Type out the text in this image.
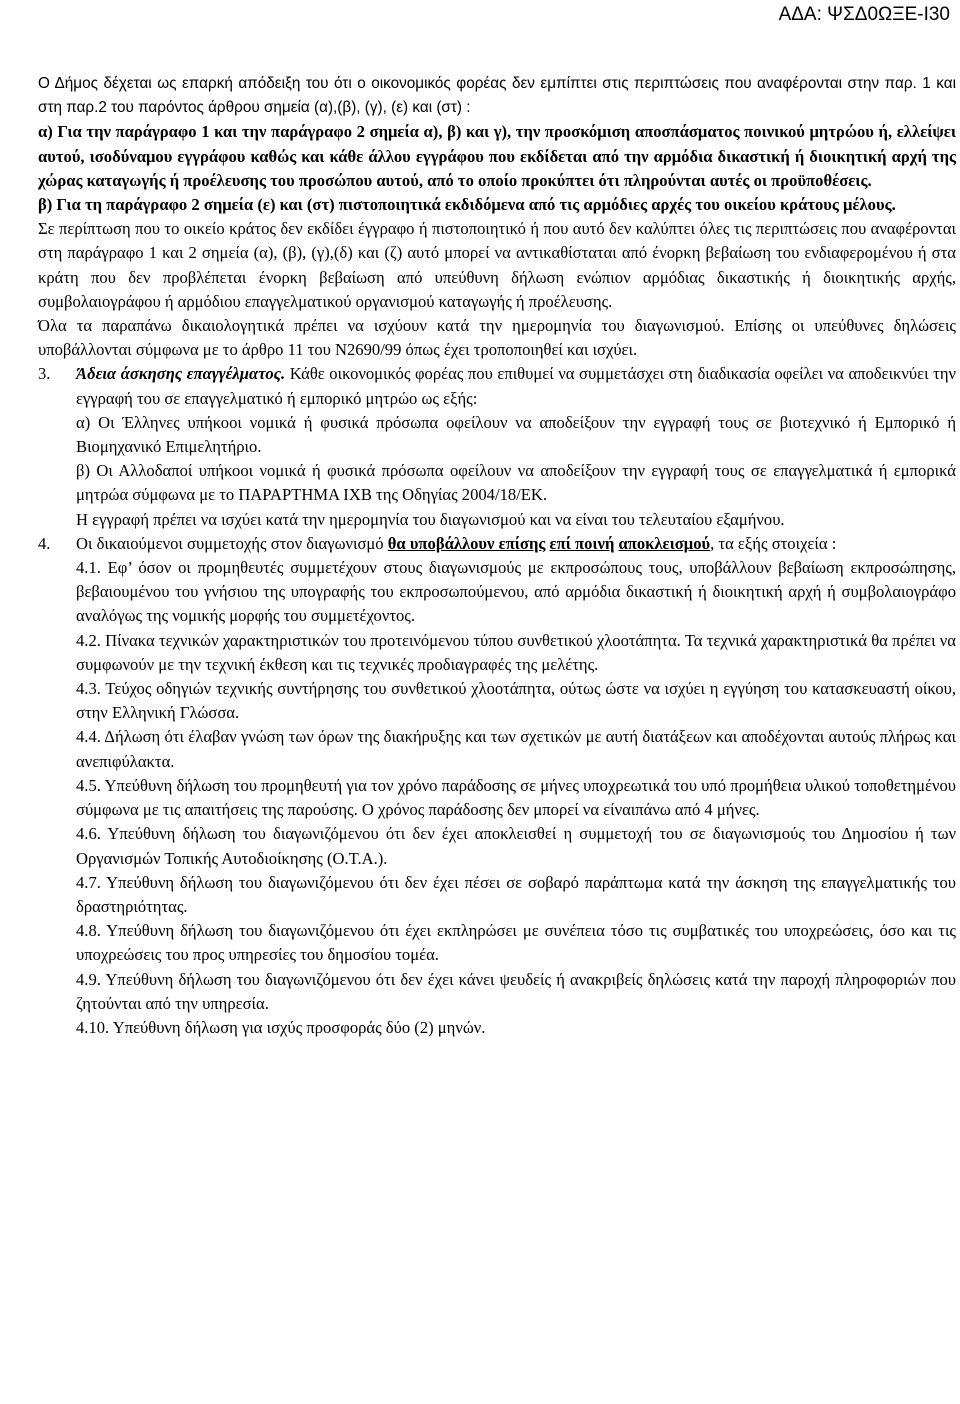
ΑΔΑ: ΨΣΔ0ΩΞΕ-Ι30

Ο Δήμος δέχεται ως επαρκή απόδειξη του ότι ο οικονομικός φορέας δεν εμπίπτει στις περιπτώσεις που αναφέρονται στην παρ. 1 και στη παρ.2 του παρόντος άρθρου σημεία (α),(β), (γ), (ε) και (στ) :

α) Για την παράγραφο 1 και την παράγραφο 2 σημεία α), β) και γ), την προσκόμιση αποσπάσματος ποινικού μητρώου ή, ελλείψει αυτού, ισοδύναμου εγγράφου καθώς και κάθε άλλου εγγράφου που εκδίδεται από την αρμόδια δικαστική ή διοικητική αρχή της χώρας καταγωγής ή προέλευσης του προσώπου αυτού, από το οποίο προκύπτει ότι πληρούνται αυτές οι προϋποθέσεις.

β) Για τη παράγραφο 2 σημεία (ε) και (στ) πιστοποιητικά εκδιδόμενα από τις αρμόδιες αρχές του οικείου κράτους μέλους.

Σε περίπτωση που το οικείο κράτος δεν εκδίδει έγγραφο ή πιστοποιητικό ή που αυτό δεν καλύπτει όλες τις περιπτώσεις που αναφέρονται στη παράγραφο 1 και 2 σημεία (α), (β), (γ),(δ) και (ζ) αυτό μπορεί να αντικαθίσταται από ένορκη βεβαίωση του ενδιαφερομένου ή στα κράτη που δεν προβλέπεται ένορκη βεβαίωση από υπεύθυνη δήλωση ενώπιον αρμόδιας δικαστικής ή διοικητικής αρχής, συμβολαιογράφου ή αρμόδιου επαγγελματικού οργανισμού καταγωγής ή προέλευσης.

Όλα τα παραπάνω δικαιολογητικά πρέπει να ισχύουν κατά την ημερομηνία του διαγωνισμού. Επίσης οι υπεύθυνες δηλώσεις υποβάλλονται σύμφωνα με το άρθρο 11 του Ν2690/99 όπως έχει τροποποιηθεί και ισχύει.

3. Άδεια άσκησης επαγγέλματος. Κάθε οικονομικός φορέας που επιθυμεί να συμμετάσχει στη διαδικασία οφείλει να αποδεικνύει την εγγραφή του σε επαγγελματικό ή εμπορικό μητρώο ως εξής:

α) Οι Έλληνες υπήκοοι νομικά ή φυσικά πρόσωπα οφείλουν να αποδείξουν την εγγραφή τους σε βιοτεχνικό ή Εμπορικό ή Βιομηχανικό Επιμελητήριο.

β) Οι Αλλοδαποί υπήκοοι νομικά ή φυσικά πρόσωπα οφείλουν να αποδείξουν την εγγραφή τους σε επαγγελματικά ή εμπορικά μητρώα σύμφωνα με το ΠΑΡΑΡΤΗΜΑ ΙΧΒ της Οδηγίας 2004/18/ΕΚ.

Η εγγραφή πρέπει να ισχύει κατά την ημερομηνία του διαγωνισμού και να είναι του τελευταίου εξαμήνου.

4. Οι δικαιούμενοι συμμετοχής στον διαγωνισμό θα υποβάλλουν επίσης επί ποινή αποκλεισμού, τα εξής στοιχεία :

4.1. Εφ’ όσον οι προμηθευτές συμμετέχουν στους διαγωνισμούς με εκπροσώπους τους, υποβάλλουν βεβαίωση εκπροσώπησης, βεβαιουμένου του γνήσιου της υπογραφής του εκπροσωπούμενου, από αρμόδια δικαστική ή διοικητική αρχή ή συμβολαιογράφο αναλόγως της νομικής μορφής του συμμετέχοντος.

4.2. Πίνακα τεχνικών χαρακτηριστικών του προτεινόμενου τύπου συνθετικού χλοοτάπητα. Τα τεχνικά χαρακτηριστικά θα πρέπει να συμφωνούν με την τεχνική έκθεση και τις τεχνικές προδιαγραφές της μελέτης.

4.3. Τεύχος οδηγιών τεχνικής συντήρησης του συνθετικού χλοοτάπητα, ούτως ώστε να ισχύει η εγγύηση του κατασκευαστή οίκου, στην Ελληνική Γλώσσα.

4.4. Δήλωση ότι έλαβαν γνώση των όρων της διακήρυξης και των σχετικών με αυτή διατάξεων και αποδέχονται αυτούς πλήρως και ανεπιφύλακτα.

4.5. Υπεύθυνη δήλωση του προμηθευτή για τον χρόνο παράδοσης σε μήνες υποχρεωτικά του υπό προμήθεια υλικού τοποθετημένου σύμφωνα με τις απαιτήσεις της παρούσης. Ο χρόνος παράδοσης δεν μπορεί να είναιπάνω από 4 μήνες.

4.6. Υπεύθυνη δήλωση του διαγωνιζόμενου ότι δεν έχει αποκλεισθεί η συμμετοχή του σε διαγωνισμούς του Δημοσίου ή των Οργανισμών Τοπικής Αυτοδιοίκησης (Ο.Τ.Α.).

4.7. Υπεύθυνη δήλωση του διαγωνιζόμενου ότι δεν έχει πέσει σε σοβαρό παράπτωμα κατά την άσκηση της επαγγελματικής του δραστηριότητας.

4.8. Υπεύθυνη δήλωση του διαγωνιζόμενου ότι έχει εκπληρώσει με συνέπεια τόσο τις συμβατικές του υποχρεώσεις, όσο και τις υποχρεώσεις του προς υπηρεσίες του δημοσίου τομέα.

4.9. Υπεύθυνη δήλωση του διαγωνιζόμενου ότι δεν έχει κάνει ψευδείς ή ανακριβείς δηλώσεις κατά την παροχή πληροφοριών που ζητούνται από την υπηρεσία.

4.10. Υπεύθυνη δήλωση για ισχύς προσφοράς δύο (2) μηνών.
